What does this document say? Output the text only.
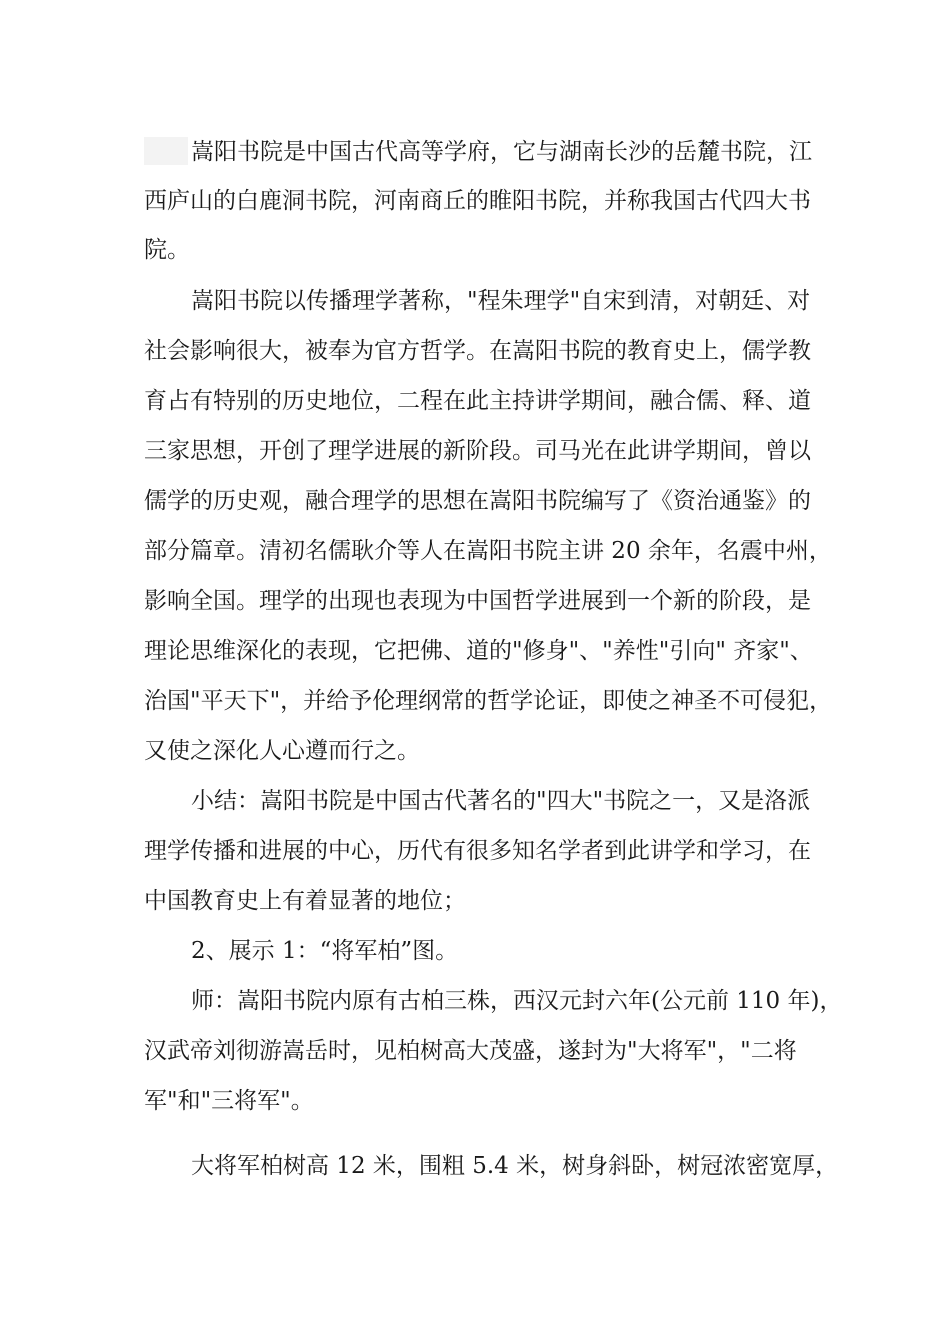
嵩阳书院是中国古代高等学府，它与湖南长沙的岳麓书院，江

西庐山的白鹿洞书院，河南商丘的睢阳书院，并称我国古代四大书

院。

嵩阳书院以传播理学著称，"程朱理学"自宋到清，对朝廷、对

社会影响很大，被奉为官方哲学。在嵩阳书院的教育史上，儒学教

育占有特别的历史地位，二程在此主持讲学期间，融合儒、释、道

三家思想，开创了理学进展的新阶段。司马光在此讲学期间，曾以

儒学的历史观，融合理学的思想在嵩阳书院编写了《资治通鉴》的

部分篇章。清初名儒耿介等人在嵩阳书院主讲 20 余年，名震中州，

影响全国。理学的出现也表现为中国哲学进展到一个新的阶段，是

理论思维深化的表现，它把佛、道的"修身"、"养性"引向" 齐家"、

治国"平天下"，并给予伦理纲常的哲学论证，即使之神圣不可侵犯，

又使之深化人心遵而行之。

小结：嵩阳书院是中国古代著名的"四大"书院之一，又是洛派

理学传播和进展的中心，历代有很多知名学者到此讲学和学习，在

中国教育史上有着显著的地位；

2、展示 1：“将军柏”图。

师：嵩阳书院内原有古柏三株，西汉元封六年(公元前 110 年)，

汉武帝刘彻游嵩岳时，见柏树高大茂盛，遂封为"大将军"，"二将

军"和"三将军"。

大将军柏树高 12 米，围粗 5.4 米，树身斜卧，树冠浓密宽厚，
